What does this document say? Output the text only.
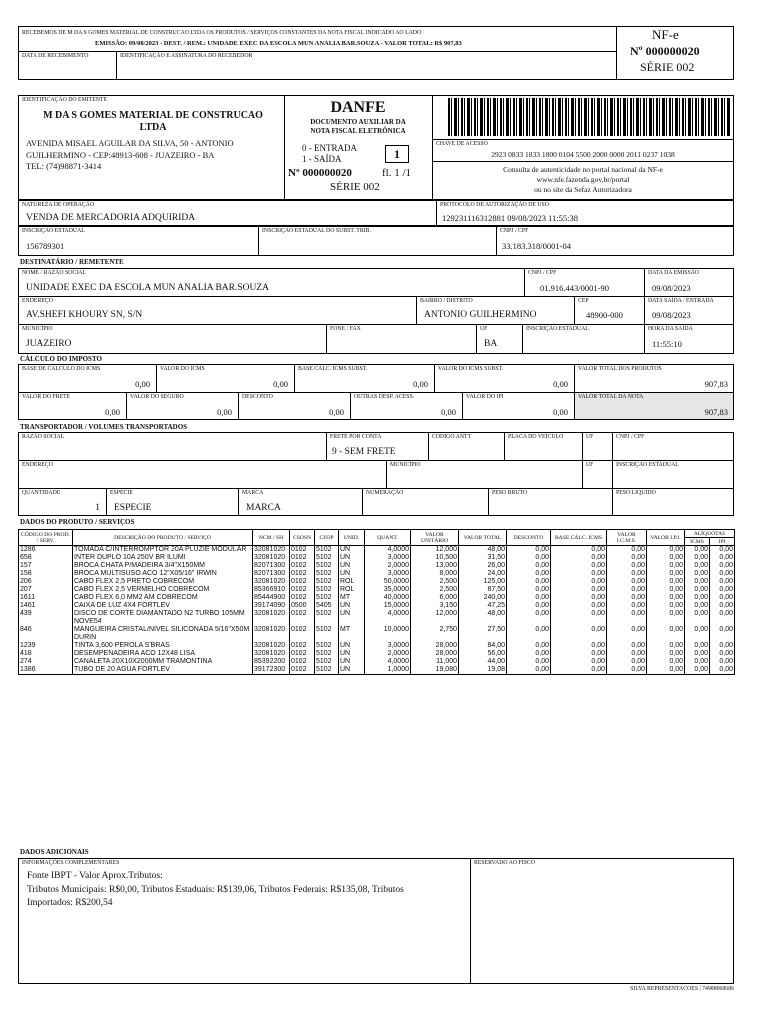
RECEBEMOS DE M DA S GOMES MATERIAL DE CONSTRUCAO LTDA OS PRODUTOS / SERVIÇOS CONSTANTES DA NOTA FISCAL INDICADO AO LADO
EMISSÃO: 09/08/2023 - DEST. / REM.: UNIDADE EXEC DA ESCOLA MUN ANALIA BAR.SOUZA - VALOR TOTAL: R$ 907,83
DATA DE RECEBIMENTO	IDENTIFICAÇÃO E ASSINATURA DO RECEBEDOR
NF-e
Nº 000000020
SÉRIE 002
IDENTIFICAÇÃO DO EMITENTE
M DA S GOMES MATERIAL DE CONSTRUCAO
LTDA
AVENIDA MISAEL AGUILAR DA SILVA, 50 - ANTONIO
GUILHERMINO - CEP:48913-608 - JUAZEIRO - BA
TEL: (74)98871-3414
DANFE
DOCUMENTO AUXILIAR DA
NOTA FISCAL ELETRÔNICA
0 - ENTRADA
1 - SAÍDA	1
Nº 000000020	fl. 1 /1
SÉRIE 002
CHAVE DE ACESSO
2923 0833 1833 1800 0104 5500 2000 0000 2011 0237 1038
Consulta de autenticidade no portal nacional da NF-e
www.nfe.fazenda.gov.br/portal
ou no site da Sefaz Autorizadora
NATUREZA DE OPERAÇÃO
VENDA DE MERCADORIA ADQUIRIDA
PROTOCOLO DE AUTORIZAÇÃO DE USO
129231116312881 09/08/2023 11:55:38
INSCRIÇÃO ESTADUAL
156789301
INSCRIÇÃO ESTADUAL DO SUBST. TRIB.	CNPJ / CPF
33.183.318/0001-04
DESTINATÁRIO / REMETENTE
NOME / RAZÃO SOCIAL
UNIDADE EXEC DA ESCOLA MUN ANALIA BAR.SOUZA
CNPJ / CPF
01.916.443/0001-90
DATA DA EMISSÃO
09/08/2023
ENDEREÇO
AV.SHEFI KHOURY SN, S/N
BAIRRO / DISTRITO
ANTONIO GUILHERMINO
CEP
48900-000
DATA SAÍDA / ENTRADA
09/08/2023
MUNICÍPIO
JUAZEIRO
FONE / FAX	UF
BA
INSCRIÇÃO ESTADUAL	HORA DA SAÍDA
11:55:10
CÁLCULO DO IMPOSTO
BASE DE CÁLCULO DO ICMS
0,00
VALOR DO ICMS
0,00
BASE CÁLC. ICMS SUBST.
0,00
VALOR DO ICMS SUBST.
0,00
VALOR TOTAL DOS PRODUTOS
907,83
VALOR DO FRETE
0,00
VALOR DO SEGURO
0,00
DESCONTO
0,00
OUTRAS DESP. ACESS.
0,00
VALOR DO IPI
0,00
VALOR TOTAL DA NOTA
907,83
TRANSPORTADOR / VOLUMES TRANSPORTADOS
RAZÃO SOCIAL	FRETE POR CONTA
9 - SEM FRETE
CÓDIGO ANTT	PLACA DO VEÍCULO	UF	CNPJ / CPF
ENDEREÇO	MUNICÍPIO	UF	INSCRIÇÃO ESTADUAL
QUANTIDADE
1
ESPÉCIE
ESPECIE
MARCA
MARCA
NUMERAÇÃO	PESO BRUTO	PESO LÍQUIDO
DADOS DO PRODUTO / SERVIÇOS
CÓDIGO DO PROD. / SERV.	DESCRIÇÃO DO PRODUTO / SERVIÇO	NCM / SH	CSOSN	CFOP	UNID.	QUANT.	VALOR UNITÁRIO	VALOR TOTAL	DESCONTO	BASE CÁLC. ICMS	VALOR I.C.M.S.	VALOR I.P.I.	ALÍQUOTAS	
													ICMS	IPI
1286	TOMADA C/INTERROMPTOR 20A PLUZIE MODULAR	32081020	0102	5102	UN	4,0000	12,000	48,00	0,00	0,00	0,00	0,00	0,00	0,00
658	INTER DUPLO 10A 250V BR ILUMI	32081020	0102	5102	UN	3,0000	10,500	31,50	0,00	0,00	0,00	0,00	0,00	0,00
157	BROCA CHATA P/MADEIRA 3/4"X150MM	82071300	0102	5102	UN	2,0000	13,000	26,00	0,00	0,00	0,00	0,00	0,00	0,00
158	BROCA MULTISUSO ACO 12"X05/16" IRWIN	82071300	0102	5102	UN	3,0000	8,000	24,00	0,00	0,00	0,00	0,00	0,00	0,00
206	CABO FLEX 2,5 PRETO COBRECOM	32081020	0102	5102	ROL	50,0000	2,500	125,00	0,00	0,00	0,00	0,00	0,00	0,00
207	CABO FLEX 2,5 VERMELHO COBRECOM	85366910	0102	5102	ROL	35,0000	2,500	87,50	0,00	0,00	0,00	0,00	0,00	0,00
1611	CABO FLEX 6,0 MM2 AM COBRECOM	85444900	0102	5102	MT	40,0000	6,000	240,00	0,00	0,00	0,00	0,00	0,00	0,00
1461	CAIXA DE LUZ 4X4 FORTLEV	39174090	0500	5405	UN	15,0000	3,150	47,25	0,00	0,00	0,00	0,00	0,00	0,00
439	DISCO DE CORTE DIAMANTADO N2 TURBO 105MM NOVE54	32081020	0102	5102	UN	4,0000	12,000	48,00	0,00	0,00	0,00	0,00	0,00	0,00
846	MANGUEIRA CRISTAL/NIVEL SILICONADA 5/16"X50M DURIN	32081020	0102	5102	MT	10,0000	2,750	27,50	0,00	0,00	0,00	0,00	0,00	0,00
1239	TINTA 3,600 PEROLA S'BRAS	32081020	0102	5102	UN	3,0000	28,000	84,00	0,00	0,00	0,00	0,00	0,00	0,00
418	DESEMPENADEIRA ACO 12X48 LISA	32081020	0102	5102	UN	2,0000	28,000	56,00	0,00	0,00	0,00	0,00	0,00	0,00
274	CANALETA 20X10X2000MM TRAMONTINA	85392200	0102	5102	UN	4,0000	11,000	44,00	0,00	0,00	0,00	0,00	0,00	0,00
1386	TUBO DE 20 AGUA FORTLEV	39172300	0102	5102	UN	1,0000	19,080	19,08	0,00	0,00	0,00	0,00	0,00	0,00
DADOS ADICIONAIS
INFORMAÇÕES COMPLEMENTARES
Fonte IBPT - Valor Aprox.Tributos:
Tributos Municipais: R$0,00, Tributos Estaduais: R$139,06, Tributos Federais: R$135,08, Tributos
Importados: R$200,54
RESERVADO AO FISCO
SILVA REPRESENTACOES | 74988068686
